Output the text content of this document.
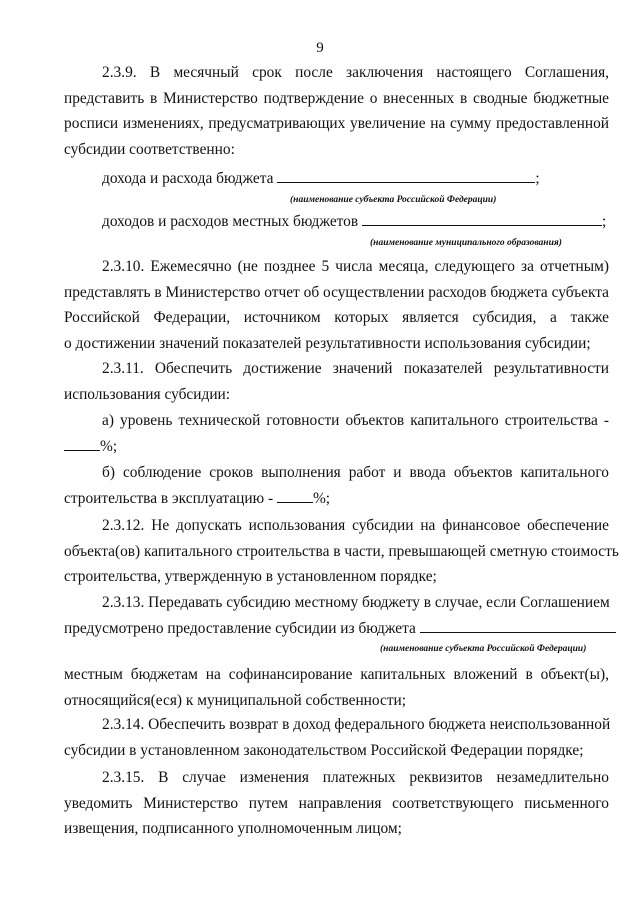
9
2.3.9. В месячный срок после заключения настоящего Соглашения,
представить в Министерство подтверждение о внесенных в сводные бюджетные
росписи изменениях, предусматривающих увеличение на сумму предоставленной
субсидии соответственно:
дохода и расхода бюджета	;
(наименование субъекта Российской Федерации)
доходов и расходов местных бюджетов	;
(наименование муниципального образования)
2.3.10. Ежемесячно (не позднее 5 числа месяца, следующего за отчетным)
представлять в Министерство отчет об осуществлении расходов бюджета субъекта
Российской Федерации, источником которых является субсидия, а также
о достижении значений показателей результативности использования субсидии;
2.3.11. Обеспечить достижение значений показателей результативности
использования субсидии:
а) уровень технической готовности объектов капитального строительства -
%;
б) соблюдение сроков выполнения работ и ввода объектов капитального
строительства в эксплуатацию -	%;
2.3.12. Не допускать использования субсидии на финансовое обеспечение
объекта(ов) капитального строительства в части, превышающей сметную стоимость
строительства, утвержденную в установленном порядке;
2.3.13. Передавать субсидию местному бюджету в случае, если Соглашением
предусмотрено предоставление субсидии из бюджета
(наименование субъекта Российской Федерации)
местным бюджетам на софинансирование капитальных вложений в объект(ы),
относящийся(еся) к муниципальной собственности;
2.3.14. Обеспечить возврат в доход федерального бюджета неиспользованной
субсидии в установленном законодательством Российской Федерации порядке;
2.3.15. В случае изменения платежных реквизитов незамедлительно
уведомить Министерство путем направления соответствующего письменного
извещения, подписанного уполномоченным лицом;
